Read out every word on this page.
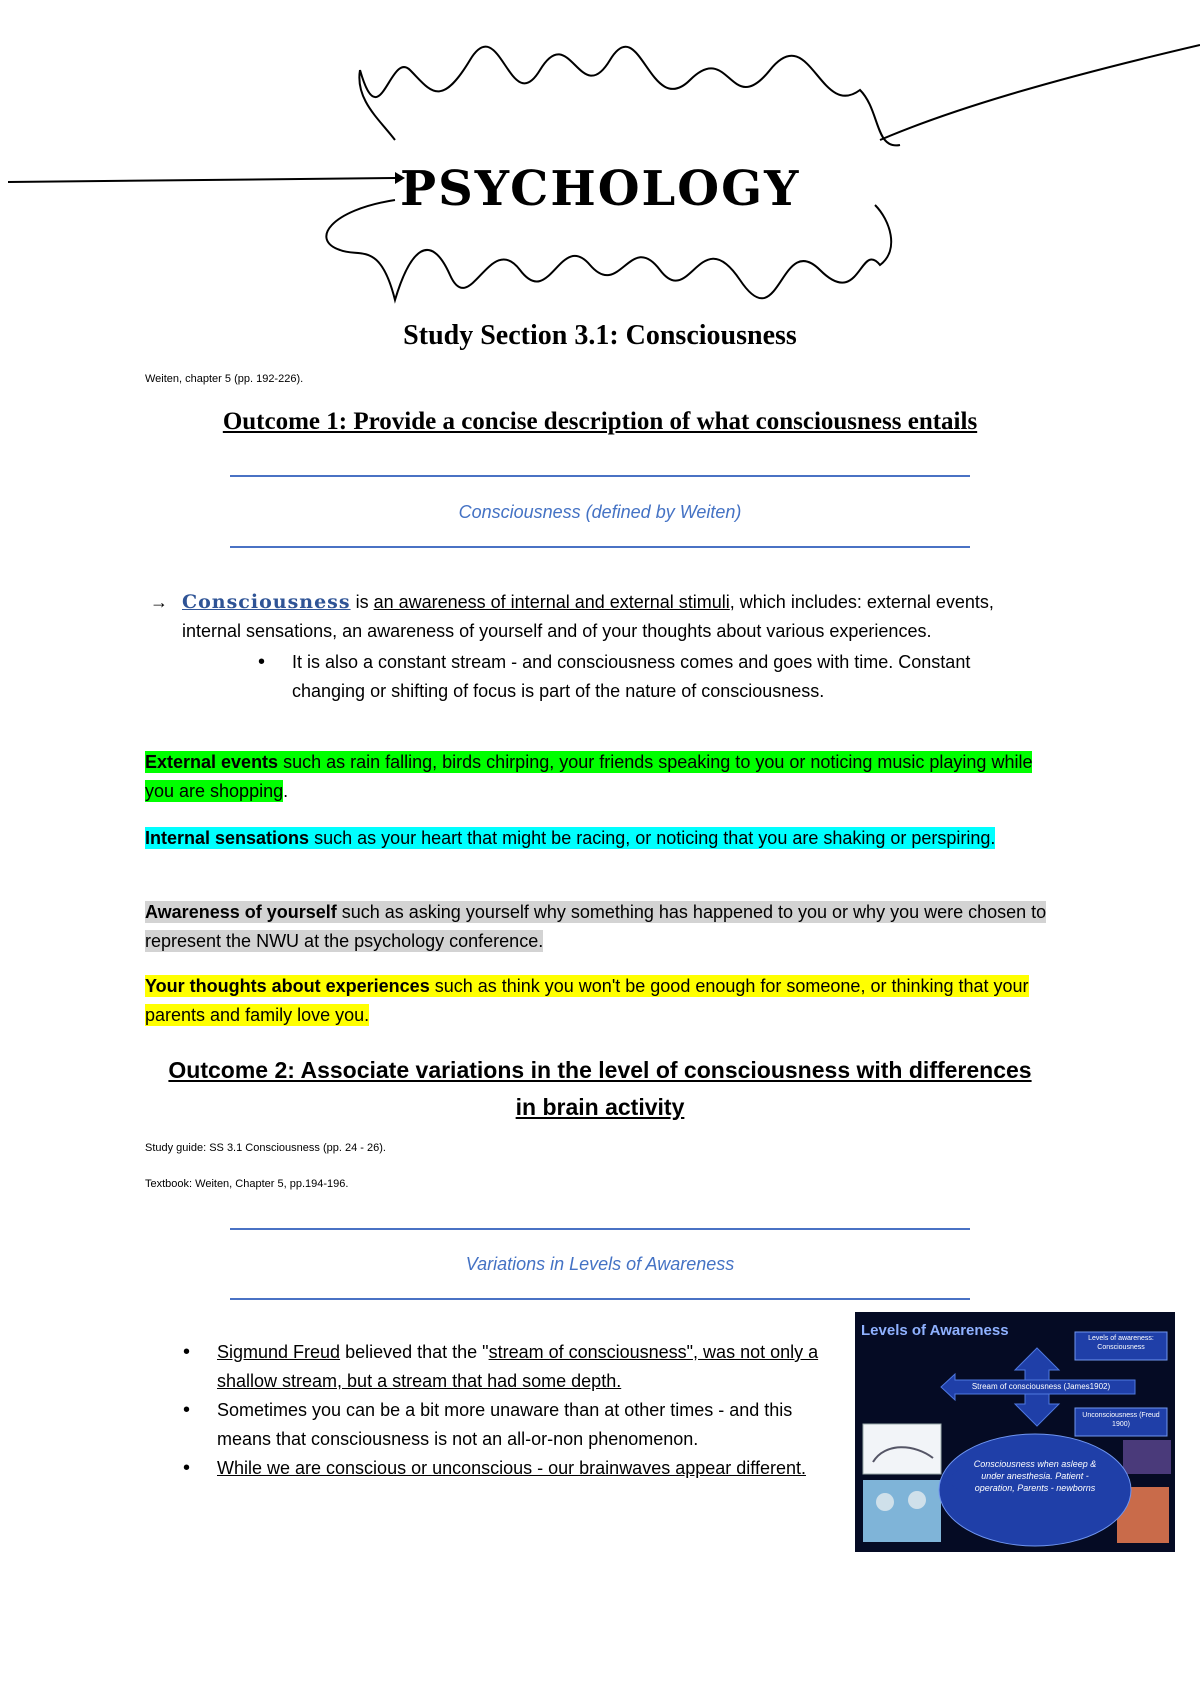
PSYCHOLOGY
Study Section 3.1: Consciousness
Weiten, chapter 5 (pp. 192-226).
Outcome 1: Provide a concise description of what consciousness entails
Consciousness (defined by Weiten)
→ Consciousness is an awareness of internal and external stimuli, which includes: external events, internal sensations, an awareness of yourself and of your thoughts about various experiences.
• It is also a constant stream - and consciousness comes and goes with time. Constant changing or shifting of focus is part of the nature of consciousness.
External events such as rain falling, birds chirping, your friends speaking to you or noticing music playing while you are shopping.
Internal sensations such as your heart that might be racing, or noticing that you are shaking or perspiring.
Awareness of yourself such as asking yourself why something has happened to you or why you were chosen to represent the NWU at the psychology conference.
Your thoughts about experiences such as think you won't be good enough for someone, or thinking that your parents and family love you.
Outcome 2: Associate variations in the level of consciousness with differences
in brain activity
Study guide: SS 3.1 Consciousness (pp. 24 - 26).
Textbook: Weiten, Chapter 5, pp.194-196.
Variations in Levels of Awareness
• Sigmund Freud believed that the "stream of consciousness", was not only a shallow stream, but a stream that had some depth.
• Sometimes you can be a bit more unaware than at other times - and this means that consciousness is not an all-or-non phenomenon.
• While we are conscious or unconscious - our brainwaves appear different.
Levels of Awareness	Levels of awareness: Consciousness
Stream of consciousness (James1902)
Unconsciousness (Freud 1900)
Consciousness when asleep & under anesthesia. Patient - operation, Parents - newborns
